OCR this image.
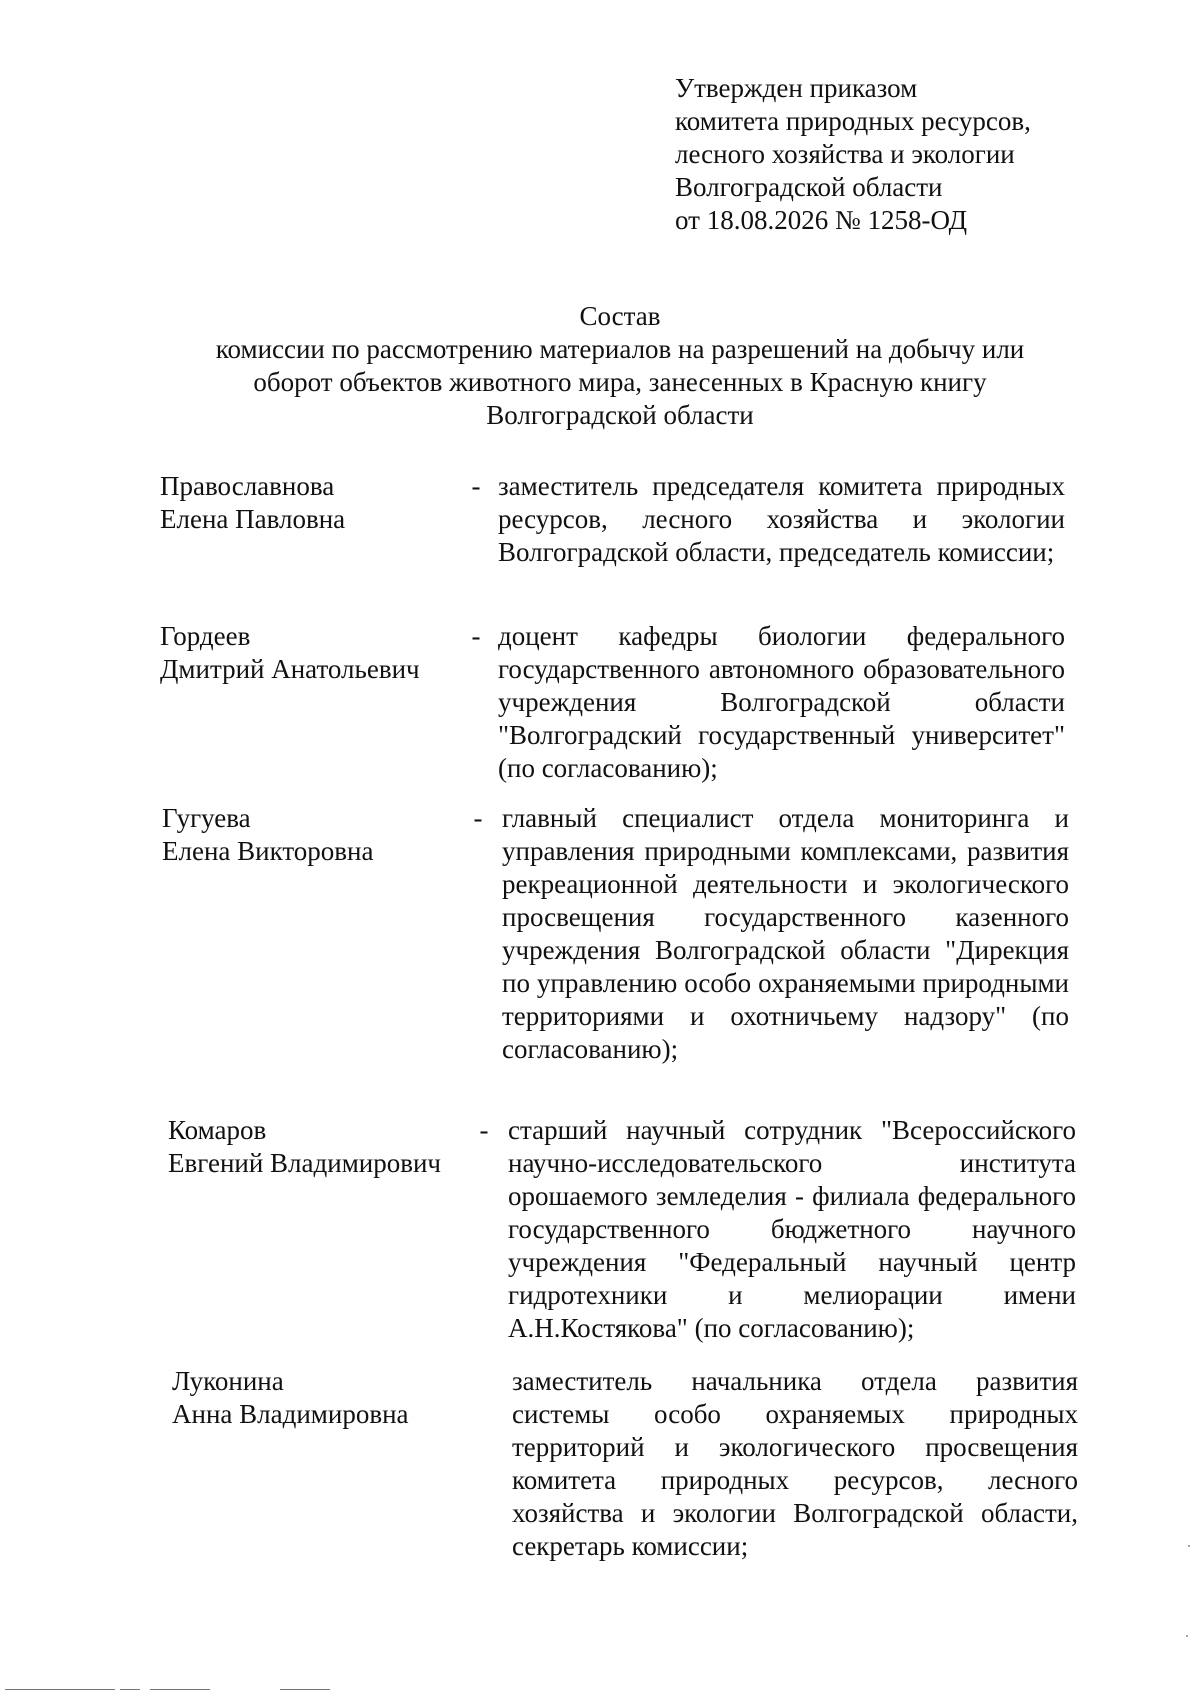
Утвержден приказом
комитета природных ресурсов,
лесного хозяйства и экологии
Волгоградской области
от 18.08.2026 № 1258-ОД
Состав
комиссии по рассмотрению материалов на разрешений на добычу или
оборот объектов животного мира, занесенных в Красную книгу
Волгоградской области
Православнова
Елена Павловна
- заместитель председателя комитета природных ресурсов, лесного хозяйства и экологии Волгоградской области, председатель комиссии;
Гордеев
Дмитрий Анатольевич
- доцент кафедры биологии федерального государственного автономного образовательного учреждения Волгоградской области "Волгоградский государственный университет" (по согласованию);
Гугуева
Елена Викторовна
- главный специалист отдела мониторинга и управления природными комплексами, развития рекреационной деятельности и экологического просвещения государственного казенного учреждения Волгоградской области "Дирекция по управлению особо охраняемыми природными территориями и охотничьему надзору" (по согласованию);
Комаров
Евгений Владимирович
- старший научный сотрудник "Всероссийского научно-исследовательского института орошаемого земледелия - филиала федерального государственного бюджетного научного учреждения "Федеральный научный центр гидротехники и мелиорации имени А.Н.Костякова" (по согласованию);
Луконина
Анна Владимировна
заместитель начальника отдела развития системы особо охраняемых природных территорий и экологического просвещения комитета природных ресурсов, лесного хозяйства и экологии Волгоградской области, секретарь комиссии;
